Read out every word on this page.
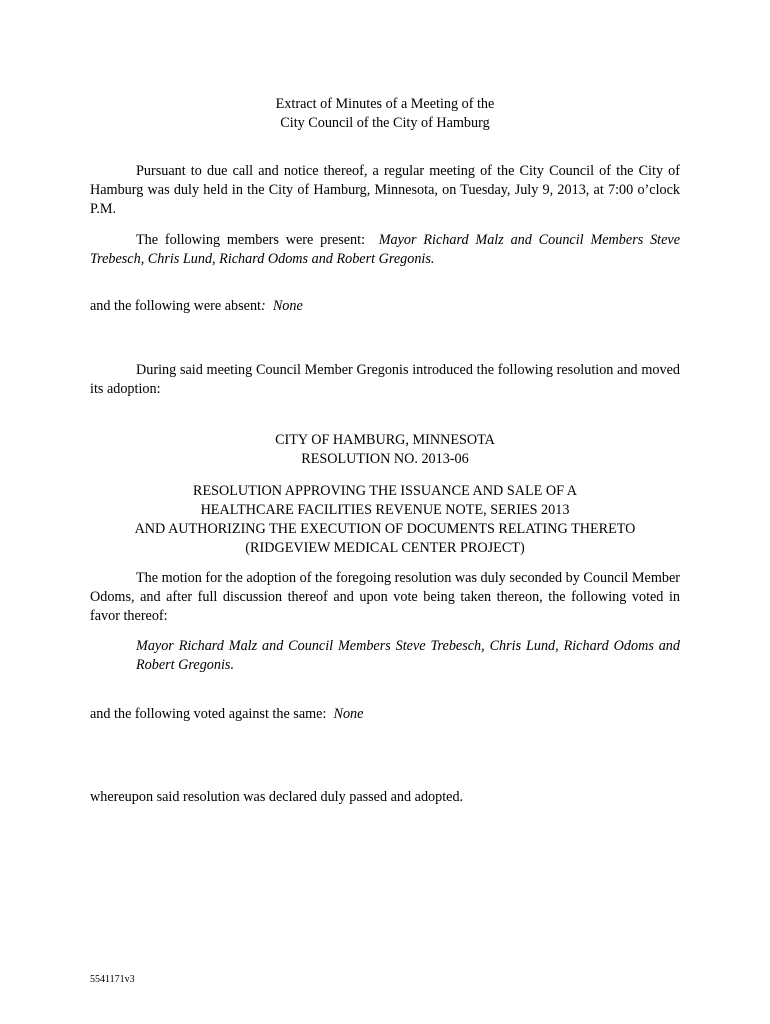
Extract of Minutes of a Meeting of the
City Council of the City of Hamburg

Pursuant to due call and notice thereof, a regular meeting of the City Council of the City of Hamburg was duly held in the City of Hamburg, Minnesota, on Tuesday, July 9, 2013, at 7:00 o’clock P.M.

The following members were present: Mayor Richard Malz and Council Members Steve Trebesch, Chris Lund, Richard Odoms and Robert Gregonis.

and the following were absent: None

During said meeting Council Member Gregonis introduced the following resolution and moved its adoption:

CITY OF HAMBURG, MINNESOTA
RESOLUTION NO. 2013-06
RESOLUTION APPROVING THE ISSUANCE AND SALE OF A
HEALTHCARE FACILITIES REVENUE NOTE, SERIES 2013
AND AUTHORIZING THE EXECUTION OF DOCUMENTS RELATING THERETO
(RIDGEVIEW MEDICAL CENTER PROJECT)

The motion for the adoption of the foregoing resolution was duly seconded by Council Member Odoms, and after full discussion thereof and upon vote being taken thereon, the following voted in favor thereof:

Mayor Richard Malz and Council Members Steve Trebesch, Chris Lund, Richard Odoms and Robert Gregonis.

and the following voted against the same: None

whereupon said resolution was declared duly passed and adopted.

5541171v3
